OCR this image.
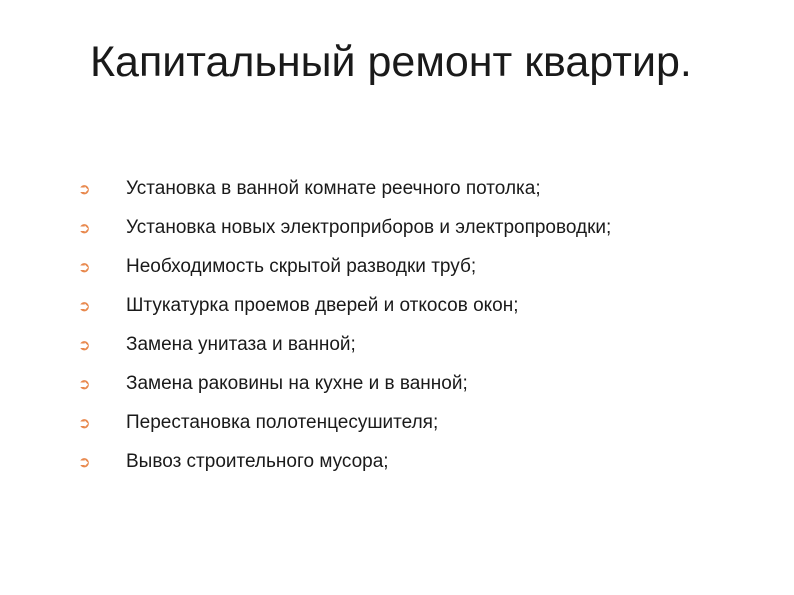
Капитальный ремонт квартир.
➲	Установка в ванной комнате реечного потолка;
➲	Установка новых электроприборов и электропроводки;
➲	Необходимость скрытой разводки труб;
➲	Штукатурка проемов дверей и откосов окон;
➲	Замена унитаза и ванной;
➲	Замена раковины на кухне и в ванной;
➲	Перестановка полотенцесушителя;
➲	Вывоз строительного мусора;
